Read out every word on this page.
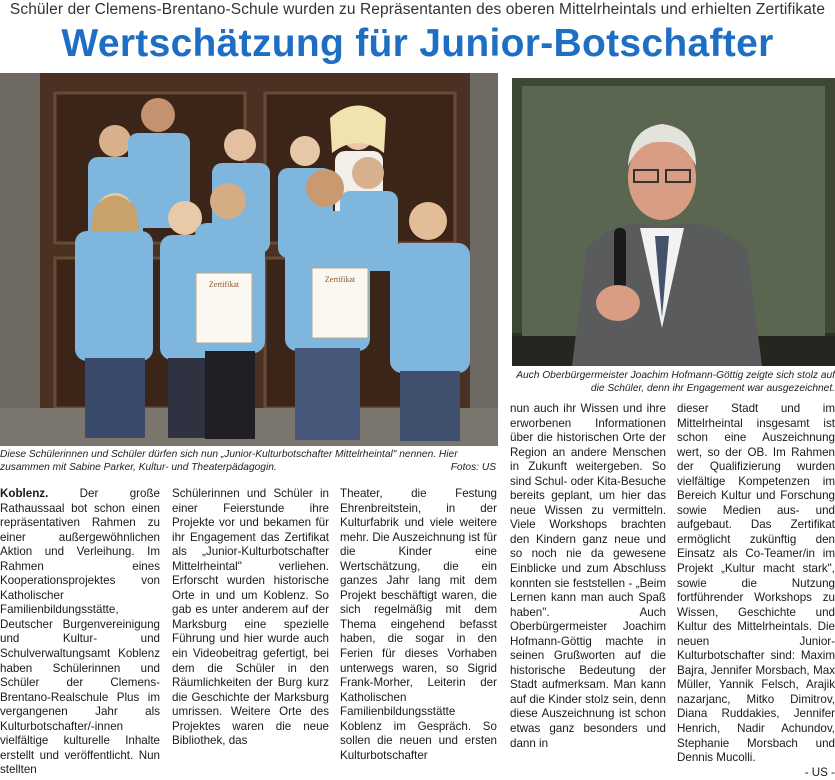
Schüler der Clemens-Brentano-Schule wurden zu Repräsentanten des oberen Mittelrheintals und erhielten Zertifikate
Wertschätzung für Junior-Botschafter
Zertifikat
Zertifikat
Diese Schülerinnen und Schüler dürfen sich nun „Junior-Kulturbotschafter Mittelrheintal" nennen. Hier zusammen mit Sabine Parker, Kultur- und Theaterpädagogin.	Fotos: US
Auch Oberbürgermeister Joachim Hofmann-Göttig zeigte sich stolz auf die Schüler, denn ihr Engagement war ausgezeichnet.

Koblenz. Der große Rathaussaal bot schon einen repräsentativen Rahmen zu einer außergewöhnlichen Aktion und Verleihung. Im Rahmen eines Kooperationsprojektes von Katholischer Familienbildungsstätte, Deutscher Burgenvereinigung und Kultur- und Schulverwaltungsamt Koblenz haben Schülerinnen und Schüler der Clemens-Brentano-Realschule Plus im vergangenen Jahr als Kulturbotschafter/-innen vielfältige kulturelle Inhalte erstellt und veröffentlicht. Nun stellten

Schülerinnen und Schüler in einer Feierstunde ihre Projekte vor und bekamen für ihr Engagement das Zertifikat als „Junior-Kulturbotschafter Mittelrheintal" verliehen. Erforscht wurden historische Orte in und um Koblenz. So gab es unter anderem auf der Marksburg eine spezielle Führung und hier wurde auch ein Videobeitrag gefertigt, bei dem die Schüler in den Räumlichkeiten der Burg kurz die Geschichte der Marksburg umrissen. Weitere Orte des Projektes waren die neue Bibliothek, das

Theater, die Festung Ehrenbreitstein, in der Kulturfabrik und viele weitere mehr. Die Auszeichnung ist für die Kinder eine Wertschätzung, die ein ganzes Jahr lang mit dem Projekt beschäftigt waren, die sich regelmäßig mit dem Thema eingehend befasst haben, die sogar in den Ferien für dieses Vorhaben unterwegs waren, so Sigrid Frank-Morher, Leiterin der Katholischen Familienbildungsstätte Koblenz im Gespräch. So sollen die neuen und ersten Kulturbotschafter

nun auch ihr Wissen und ihre erworbenen Informationen über die historischen Orte der Region an andere Menschen in Zukunft weitergeben. So sind Schul- oder Kita-Besuche bereits geplant, um hier das neue Wissen zu vermitteln. Viele Workshops brachten den Kindern ganz neue und so noch nie da gewesene Einblicke und zum Abschluss konnten sie feststellen - „Beim Lernen kann man auch Spaß haben". Auch Oberbürgermeister Joachim Hofmann-Göttig machte in seinen Grußworten auf die historische Bedeutung der Stadt aufmerksam. Man kann auf die Kinder stolz sein, denn diese Auszeichnung ist schon etwas ganz besonders und dann in

dieser Stadt und im Mittelrheintal insgesamt ist schon eine Auszeichnung wert, so der OB. Im Rahmen der Qualifizierung wurden vielfältige Kompetenzen im Bereich Kultur und Forschung sowie Medien aus- und aufgebaut. Das Zertifikat ermöglicht zukünftig den Einsatz als Co-Teamer/in im Projekt „Kultur macht stark", sowie die Nutzung fortführender Workshops zu Wissen, Geschichte und Kultur des Mittelrheintals. Die neuen Junior-Kulturbotschafter sind: Maxim Bajra, Jennifer Morsbach, Max Müller, Yannik Felsch, Arajik nazarjanc, Mitko Dimitrov, Diana Ruddakies, Jennifer Henrich, Nadir Achundov, Stephanie Morsbach und Dennis Mucolli.

- US -
